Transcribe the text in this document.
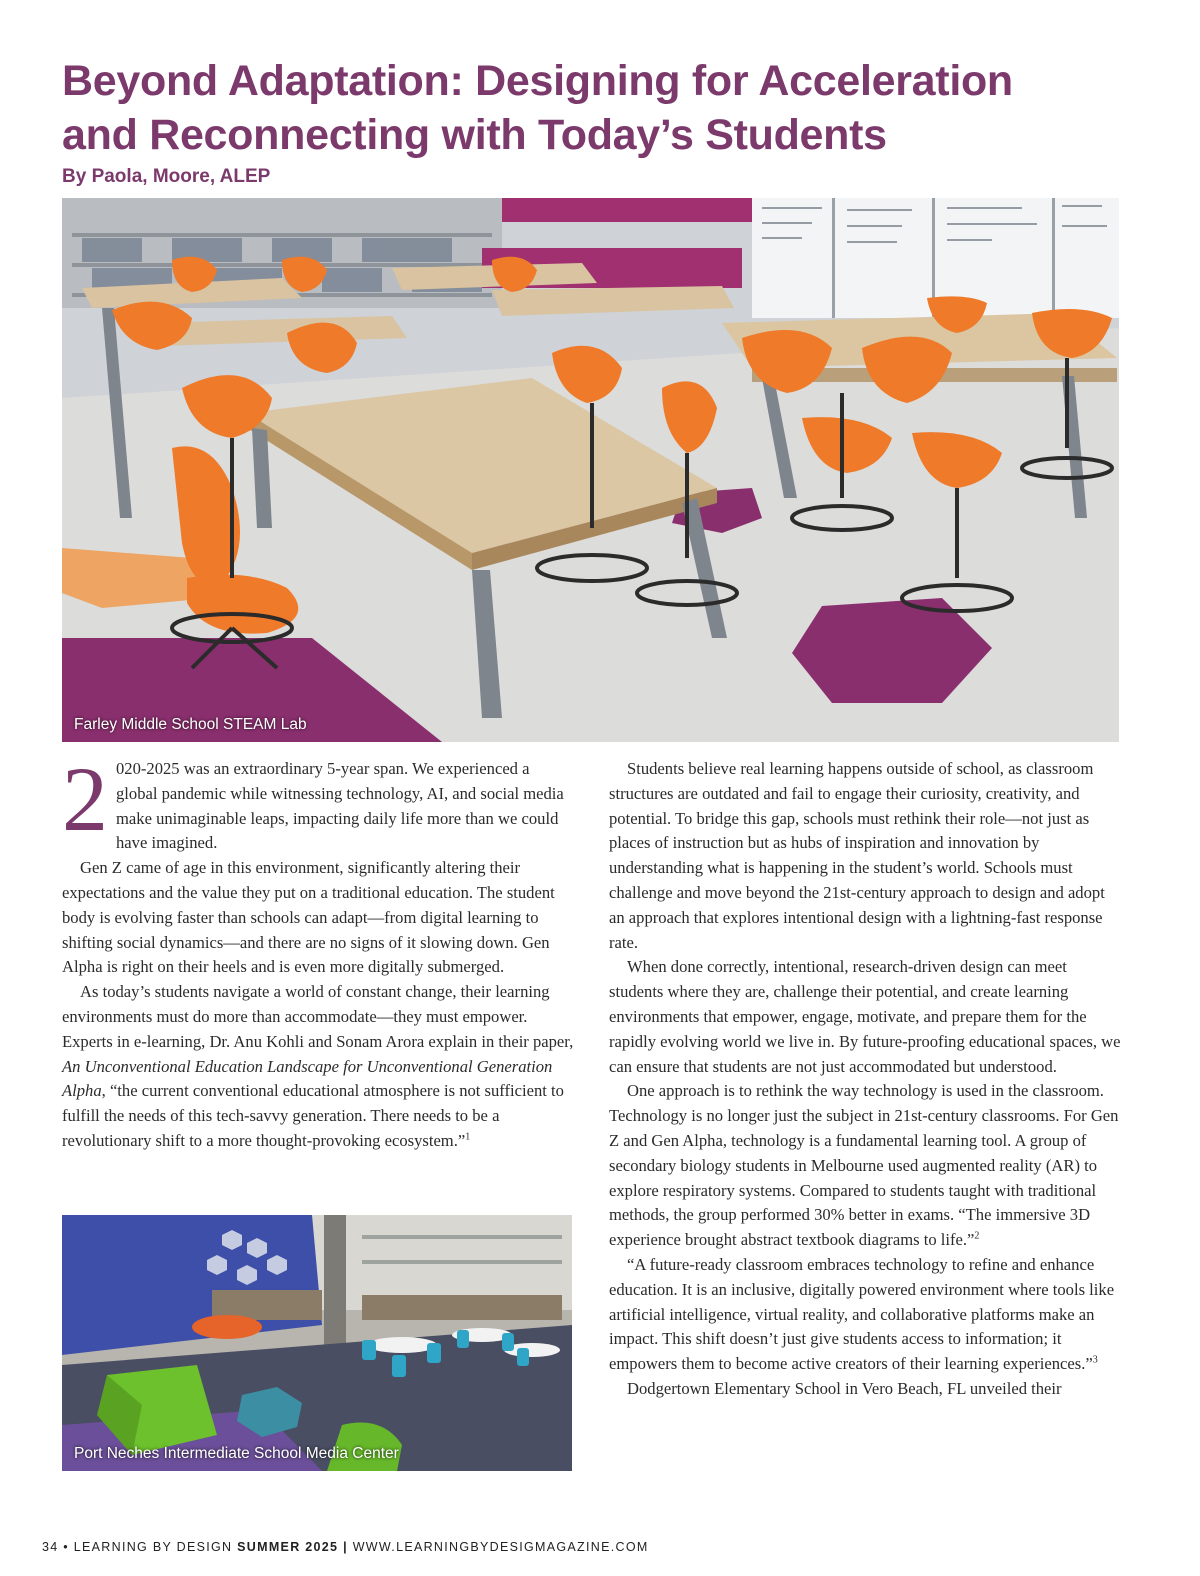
Beyond Adaptation: Designing for Acceleration
and Reconnecting with Today’s Students
By Paola, Moore, ALEP
Farley Middle School STEAM Lab

2 020-2025 was an extraordinary 5-year span. We experienced a global pandemic while witnessing technology, AI, and social media make unimaginable leaps, impacting daily life more than we could have imagined.

Gen Z came of age in this environment, significantly altering their expectations and the value they put on a traditional education. The student body is evolving faster than schools can adapt—from digital learning to shifting social dynamics—and there are no signs of it slowing down. Gen Alpha is right on their heels and is even more digitally submerged.

As today’s students navigate a world of constant change, their learning environments must do more than accommodate—they must empower. Experts in e-learning, Dr. Anu Kohli and Sonam Arora explain in their paper, An Unconventional Education Landscape for Unconventional Generation Alpha, “the current conventional educational atmosphere is not sufficient to fulfill the needs of this tech-savvy generation. There needs to be a revolutionary shift to a more thought-provoking ecosystem.”$^1$

Port Neches Intermediate School Media Center

Students believe real learning happens outside of school, as classroom structures are outdated and fail to engage their curiosity, creativity, and potential. To bridge this gap, schools must rethink their role—not just as places of instruction but as hubs of inspiration and innovation by understanding what is happening in the student’s world. Schools must challenge and move beyond the 21st-century approach to design and adopt an approach that explores intentional design with a lightning-fast response rate.

When done correctly, intentional, research-driven design can meet students where they are, challenge their potential, and create learning environments that empower, engage, motivate, and prepare them for the rapidly evolving world we live in. By future-proofing educational spaces, we can ensure that students are not just accommodated but understood.

One approach is to rethink the way technology is used in the classroom. Technology is no longer just the subject in 21st-century classrooms. For Gen Z and Gen Alpha, technology is a fundamental learning tool. A group of secondary biology students in Melbourne used augmented reality (AR) to explore respiratory systems. Compared to students taught with traditional methods, the group performed 30% better in exams. “The immersive 3D experience brought abstract textbook diagrams to life.”$^2$

“A future-ready classroom embraces technology to refine and enhance education. It is an inclusive, digitally powered environment where tools like artificial intelligence, virtual reality, and collaborative platforms make an impact. This shift doesn’t just give students access to information; it empowers them to become active creators of their learning experiences.”$^3$

Dodgertown Elementary School in Vero Beach, FL unveiled their

34 • LEARNING BY DESIGN SUMMER 2025 | WWW.LEARNINGBYDESIGMAGAZINE.COM
